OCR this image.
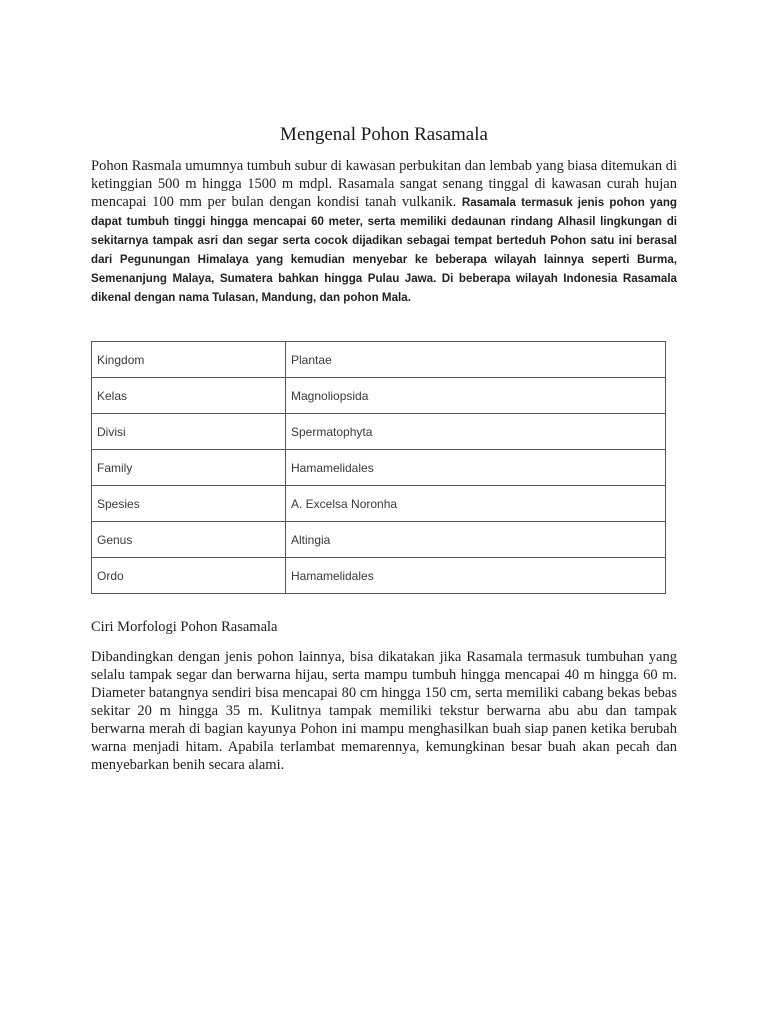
Mengenal Pohon Rasamala

Pohon Rasmala umumnya tumbuh subur di kawasan perbukitan dan lembab yang biasa ditemukan di ketinggian 500 m hingga 1500 m mdpl. Rasamala sangat senang tinggal di kawasan curah hujan mencapai 100 mm per bulan dengan kondisi tanah vulkanik. Rasamala termasuk jenis pohon yang dapat tumbuh tinggi hingga mencapai 60 meter, serta memiliki dedaunan rindang Alhasil lingkungan di sekitarnya tampak asri dan segar serta cocok dijadikan sebagai tempat berteduh Pohon satu ini berasal dari Pegunungan Himalaya yang kemudian menyebar ke beberapa wilayah lainnya seperti Burma, Semenanjung Malaya, Sumatera bahkan hingga Pulau Jawa. Di beberapa wilayah Indonesia Rasamala dikenal dengan nama Tulasan, Mandung, dan pohon Mala.

Kingdom	Plantae
Kelas	Magnoliopsida
Divisi	Spermatophyta
Family	Hamamelidales
Spesies	A. Excelsa Noronha
Genus	Altingia
Ordo	Hamamelidales
Ciri Morfologi Pohon Rasamala

Dibandingkan dengan jenis pohon lainnya, bisa dikatakan jika Rasamala termasuk tumbuhan yang selalu tampak segar dan berwarna hijau, serta mampu tumbuh hingga mencapai 40 m hingga 60 m. Diameter batangnya sendiri bisa mencapai 80 cm hingga 150 cm, serta memiliki cabang bekas bebas sekitar 20 m hingga 35 m. Kulitnya tampak memiliki tekstur berwarna abu abu dan tampak berwarna merah di bagian kayunya Pohon ini mampu menghasilkan buah siap panen ketika berubah warna menjadi hitam. Apabila terlambat memarennya, kemungkinan besar buah akan pecah dan menyebarkan benih secara alami.
